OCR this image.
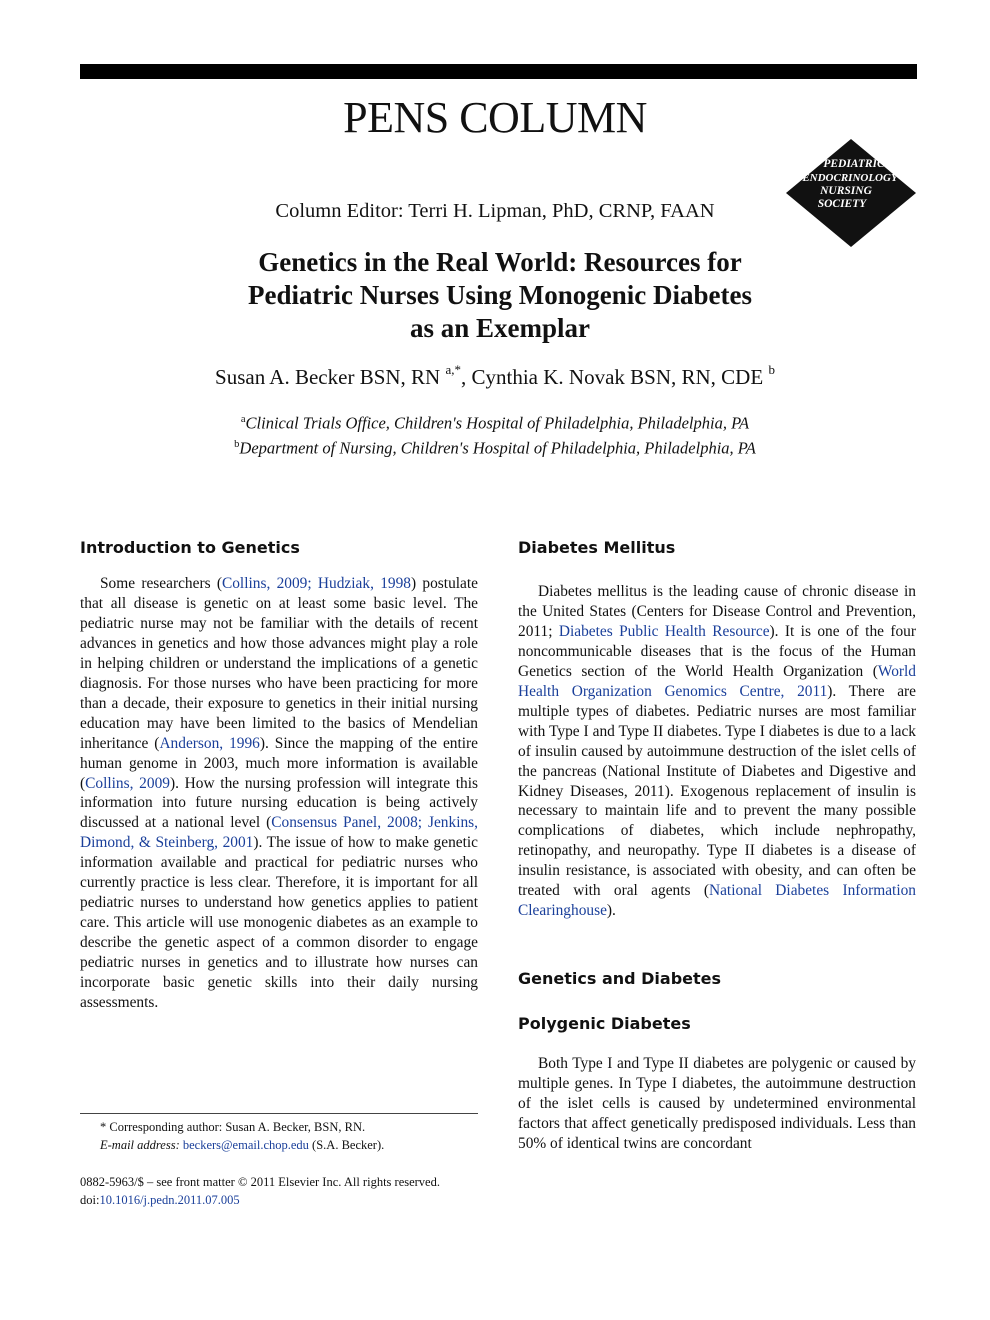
PENS COLUMN
PEDIATRIC
ENDOCRINOLOGY
NURSING
SOCIETY
Column Editor: Terri H. Lipman, PhD, CRNP, FAAN
Genetics in the Real World: Resources for
Pediatric Nurses Using Monogenic Diabetes
as an Exemplar
Susan A. Becker BSN, RN $^{a,*}$, Cynthia K. Novak BSN, RN, CDE $^b$
$^a$Clinical Trials Office, Children's Hospital of Philadelphia, Philadelphia, PA
$^b$Department of Nursing, Children's Hospital of Philadelphia, Philadelphia, PA
Introduction to Genetics

Some researchers (Collins, 2009; Hudziak, 1998) postulate that all disease is genetic on at least some basic level. The pediatric nurse may not be familiar with the details of recent advances in genetics and how those advances might play a role in helping children or understand the implications of a genetic diagnosis. For those nurses who have been practicing for more than a decade, their exposure to genetics in their initial nursing education may have been limited to the basics of Mendelian inheritance (Anderson, 1996). Since the mapping of the entire human genome in 2003, much more information is available (Collins, 2009). How the nursing profession will integrate this information into future nursing education is being actively discussed at a national level (Consensus Panel, 2008; Jenkins, Dimond, & Steinberg, 2001). The issue of how to make genetic information available and practical for pediatric nurses who currently practice is less clear. Therefore, it is important for all pediatric nurses to understand how genetics applies to patient care. This article will use monogenic diabetes as an example to describe the genetic aspect of a common disorder to engage pediatric nurses in genetics and to illustrate how nurses can incorporate basic genetic skills into their daily nursing assessments.

* Corresponding author: Susan A. Becker, BSN, RN.
E-mail address: beckers@email.chop.edu (S.A. Becker).
0882-5963/$ – see front matter © 2011 Elsevier Inc. All rights reserved.
doi:10.1016/j.pedn.2011.07.005
Diabetes Mellitus

Diabetes mellitus is the leading cause of chronic disease in the United States (Centers for Disease Control and Prevention, 2011; Diabetes Public Health Resource). It is one of the four noncommunicable diseases that is the focus of the Human Genetics section of the World Health Organization (World Health Organization Genomics Centre, 2011). There are multiple types of diabetes. Pediatric nurses are most familiar with Type I and Type II diabetes. Type I diabetes is due to a lack of insulin caused by autoimmune destruction of the islet cells of the pancreas (National Institute of Diabetes and Digestive and Kidney Diseases, 2011). Exogenous replacement of insulin is necessary to maintain life and to prevent the many possible complications of diabetes, which include nephropathy, retinopathy, and neuropathy. Type II diabetes is a disease of insulin resistance, is associated with obesity, and can often be treated with oral agents (National Diabetes Information Clearinghouse).

Genetics and Diabetes
Polygenic Diabetes

Both Type I and Type II diabetes are polygenic or caused by multiple genes. In Type I diabetes, the autoimmune destruction of the islet cells is caused by undetermined environmental factors that affect genetically predisposed individuals. Less than 50% of identical twins are concordant
